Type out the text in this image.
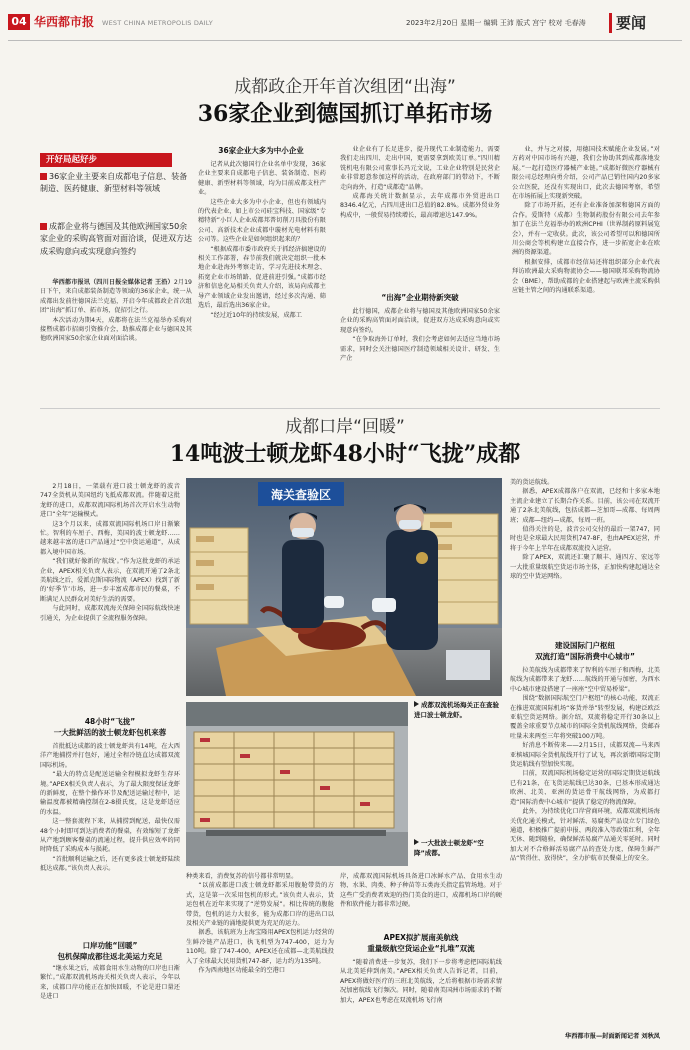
04 华西都市报 WEST CHINA METROPOLIS DAILY	2023年2月20日 星期一 编辑 王沛 版式 宫宁 校对 毛春涛 要闻
成都政企开年首次组团“出海”
36家企业到德国抓订单拓市场
开好局起好步
36家企业主要来自成都电子信息、装备制造、医药健康、新型材料等领域
成都企业将与德国及其他欧洲国家50余家企业的采购高管面对面洽谈，促进双方达成采购意向或实现意向签约

华西都市报讯（四川日报全媒体记者 王沿）2月19日下午，来自成都装备制造等领域的36家企业，统一从成都出发前往德国法兰克福，开启今年成都政企首次组团“出海”抓订单、拓市场，促招引之行。

本次活动为期4天，成都将在法兰克福举办采购对接暨成都市招商引资推介会，助推成都企业与德国及其他欧洲国家50余家企业面对面洽谈。

36家企业大多为中小企业

记者从此次德国行企业名单中发现，36家企业主要来自成都电子信息、装备制造、医药健康、新型材料等领域，均为目前成都支柱产业。

这些企业大多为中小企业，但也有领域内的代表企业，如上市公司硅宝科技、国家级“专精特新”小巨人企业成都邦普切削刀具股份有限公司、高新技术企业成都中璇材光电材料有限公司等。这些企业是如何组织起来的？

“根据成都市委市政府关于抓经济搞建设的相关工作部署，春节前我们就决定组织一批本地企业赴海外考察走访，学习先进技术理念、拓宽企业市场销路、促进前进引强。”成都市经济和信息化局相关负责人介绍，该局向成都主导产业领域企业发出邀请，经过多次沟通、筛选后，最后选出36家企业。

“经过近10年的持续发展，成都工

业企业有了长足进步，提升现代工业制造能力，需要我们走出四川、走出中国，更需要拿到欧美订单。”四川精铣机电有限公司董事长冯元文说，工业企业特别是民营企业非常愿意参加这样的活动，在政府部门的带动下，不断走向海外，打造“成都造”品牌。

成都海关统计数据显示，去年成都市外贸进出口8346.4亿元，占四川进出口总值的82.8%。成都外贸业务构成中，一般贸易持续增长，最高增速达147.9%。

“出海”企业期待新突破

此行德国，成都企业将与德国及其他欧洲国家50余家企业的采购高管面对面洽谈，促进双方达成采购意向或实现意向签约。

“在争取海外订单时，我们会考虑如何去适应当地市场需求，同时会关注德国医疗制造领域相关设计、研发、生产企

业，并与之对接，用德国技术赋能企业发展。”对方药对中国市场有兴趣，我们会协助其到成都落地发展。”一起打造医疗器械产业链。”成都好微医疗器械有限公司总经理向勇介绍，公司产品已销往国内20多家公立医院，还没有实现出口，此次去德国考察，希望在市场拓展上实现新突破。

除了市场开拓，还有企业准备加深和德国方面的合作。爱斯特（成都）生物制药股份有限公司去年参加了在法兰克福举办的欧洲CPHI（世界制药原料展览会），并有一定收获。此次，该公司希望可以和德国所川公商会等机构建立直接合作，进一步拓宽企业在欧洲的资源渠道。

根据安排，成都市经信局还将组织部分企业代表拜访欧洲最大采购物流协会——德国联邦采购物流协会（BME），帮助成都的企业搭建起与欧洲主流采购供应链主管之间的沟通联系渠道。

成都口岸“回暖”
14吨波士顿龙虾48小时“飞拢”成都

2月18日，一架载有进口波士顿龙虾的波音747全货机从美国纽约飞抵成都双流。伴随着这批龙虾的进口，成都双流国际机场首次开启水生动物进口“全年”运输模式。

这3个月以来，成都双流国际机场口岸日渐繁忙。智利的车厘子、西梅，美国的波士顿龙虾……越来越丰富的进口产品通过“空中货运通道”，从成都入境中国市场。

“我们就好像新的‘航线’。”作为这批龙虾的承运企业，APEX相关负责人表示，在双流开通了2条北美航线之后，爱派克斯国际物流（APEX）找到了新的‘好季节’市场，进一步丰富成都市民的餐桌，不断满足人民群众对美好生活的需要。

与此同时，成都双流海关保障全国际航线快速引通关，为企业提供了全流程服务保障。

48小时“飞拢”
一大批鲜活的波士顿龙虾包机来蓉

首批抵达成都的波士顿龙虾共有14吨，在大西洋产地捕捞并打包好，通过全程冷链直达成都双流国际机场。

“最大的特点是配送运输全程模拟龙虾生存环境。”APEX相关负责人表示，为了最大限度保证龙虾的新鲜度，在整个操作环节及配送运输过程中，运输温度都被精确控制在2-8摄氏度，这是龙虾适应的水温。

这一整套流程下来，从捕捞到配送，最快仅需48个小时即可到达消费者的餐桌，有效缩短了龙虾从产地到顾客餐桌的流通过程，提升供应效率的同时降低了采购成本与损耗。

“首批顺利运输之后，还有更多波士顿龙虾陆续抵达成都。”该负责人表示。

口岸功能“回暖”
包机保障成都往返北美运力充足

“继水果之后，成都食用水生动物的口岸也日渐繁忙。”成都双流机场海关相关负责人表示，今年以来，成都口岸功能正在加快回暖，不论是进口量还是进口

海关查验区
成都双流机场海关正在查验进口波士顿龙虾。
一大批波士顿龙虾“空降”成都。

种类来看，消费复苏的信号都非常明显。

“以前成都进口波士顿龙虾都采用腹舱带货的方式，这是第一次采用包机的形式。”该负责人表示，货运包机在近年来实现了“逆势发展”。相比传统的腹舱带货，包机的运力大很多，能为成都口岸的进出口以及相关产业链的涌地提供更为充足的运力。

据悉，该航班为上海宝隆用APEX包机运力经营的生鲜冷链产品进口，执飞机型为747-400，运力为110吨。除了747-400，APEX还在成都—北美航线投入了全球最大民用货机747-8F，运力约为135吨。

作为西南地区功能最全的空港口

岸，成都双流国际机场具备进口冰鲜水产品、食用水生动物、水果、肉类、种子种苗等五类海关指定监管场地。对于这些广受消费者欢迎的热门美食的进口，成都机场口岸的硬件和软件能力都非常过硬。

APEX拟扩展南美航线
重量级航空货运企业“扎堆”双流

“随着消费进一步复苏，我们下一步将考虑把国际航线从北美延伸到南美。”APEX相关负责人告诉记者，目前，APEX将做好医疗的三班北美航线，之后将根据市场需求情况加密航线飞行频次。同时，随着南美国洲市场需求的不断加大，APEX也考虑在双流机场飞行南

美的货运航线。

据悉，APEX成都落户在双流，已经和十多家本地主流企业建立了长期合作关系。目前，该公司在双流开通了2条北美航线，包括成都—芝加哥—成都、每周两班；成都—纽约—成都，每周一班。

值得关注的是，波音公司交付的最后一架747，同时也是全球最大民用货机747-8F，也由APEX运营，并将于今年上半年在成都双流投入运营。

除了APEX，双流还汇聚了顺丰、通四方、宏远等一大批重量级航空货运市场主体，正加快构建起通达全球的空中货运网络。

建设国际门户枢纽
双流打造“国际消费中心城市”

拉美航线为成都带来了智利的车厘子和西梅，北美航线为成都带来了龙虾……航线的开通与加密，为西水中心城市建设搭建了一座座“空中贸易桥梁”。

围绕“数据国际航空门户枢纽”的核心功能，双流正在推进双流国际机场“客货并举”转型发展，构建泛欧泛亚航空货运网络。据介绍，双流将稳定开行30条以上覆盖全球重要节点城市的国际全货机航线网络，货邮吞吐量未来两至三年将突破100万吨。

好消息不断传来——2月15日，成都双流—马来西亚槟城国际全货机航线开行了试飞，再次新增国际定期货运航线有望加快实现。

目前，双流国际机场稳定运营的国际定期货运航线已有21条，在飞货运航线已达30条，已基本形成通达欧洲、北美、亚洲的货运骨干航线网络，为成都打造“国际消费中心城市”提供了稳定的物流保障。

此外，为持续优化口岸营商环境，成都双流机场海关优化通关模式，针对鲜活、易腐类产品设立专门绿色通道，积极推广提前申报、两段准入等政策红利，全年无休、随到随验，确保鲜活易腐产品通关零延时。同时加大对不合格鲜活易腐产品的查处力度，保障生鲜产品“管得住、放得快”，全力护航市民餐桌上的安全。

华西都市报—封面新闻记者 刘秋凤
